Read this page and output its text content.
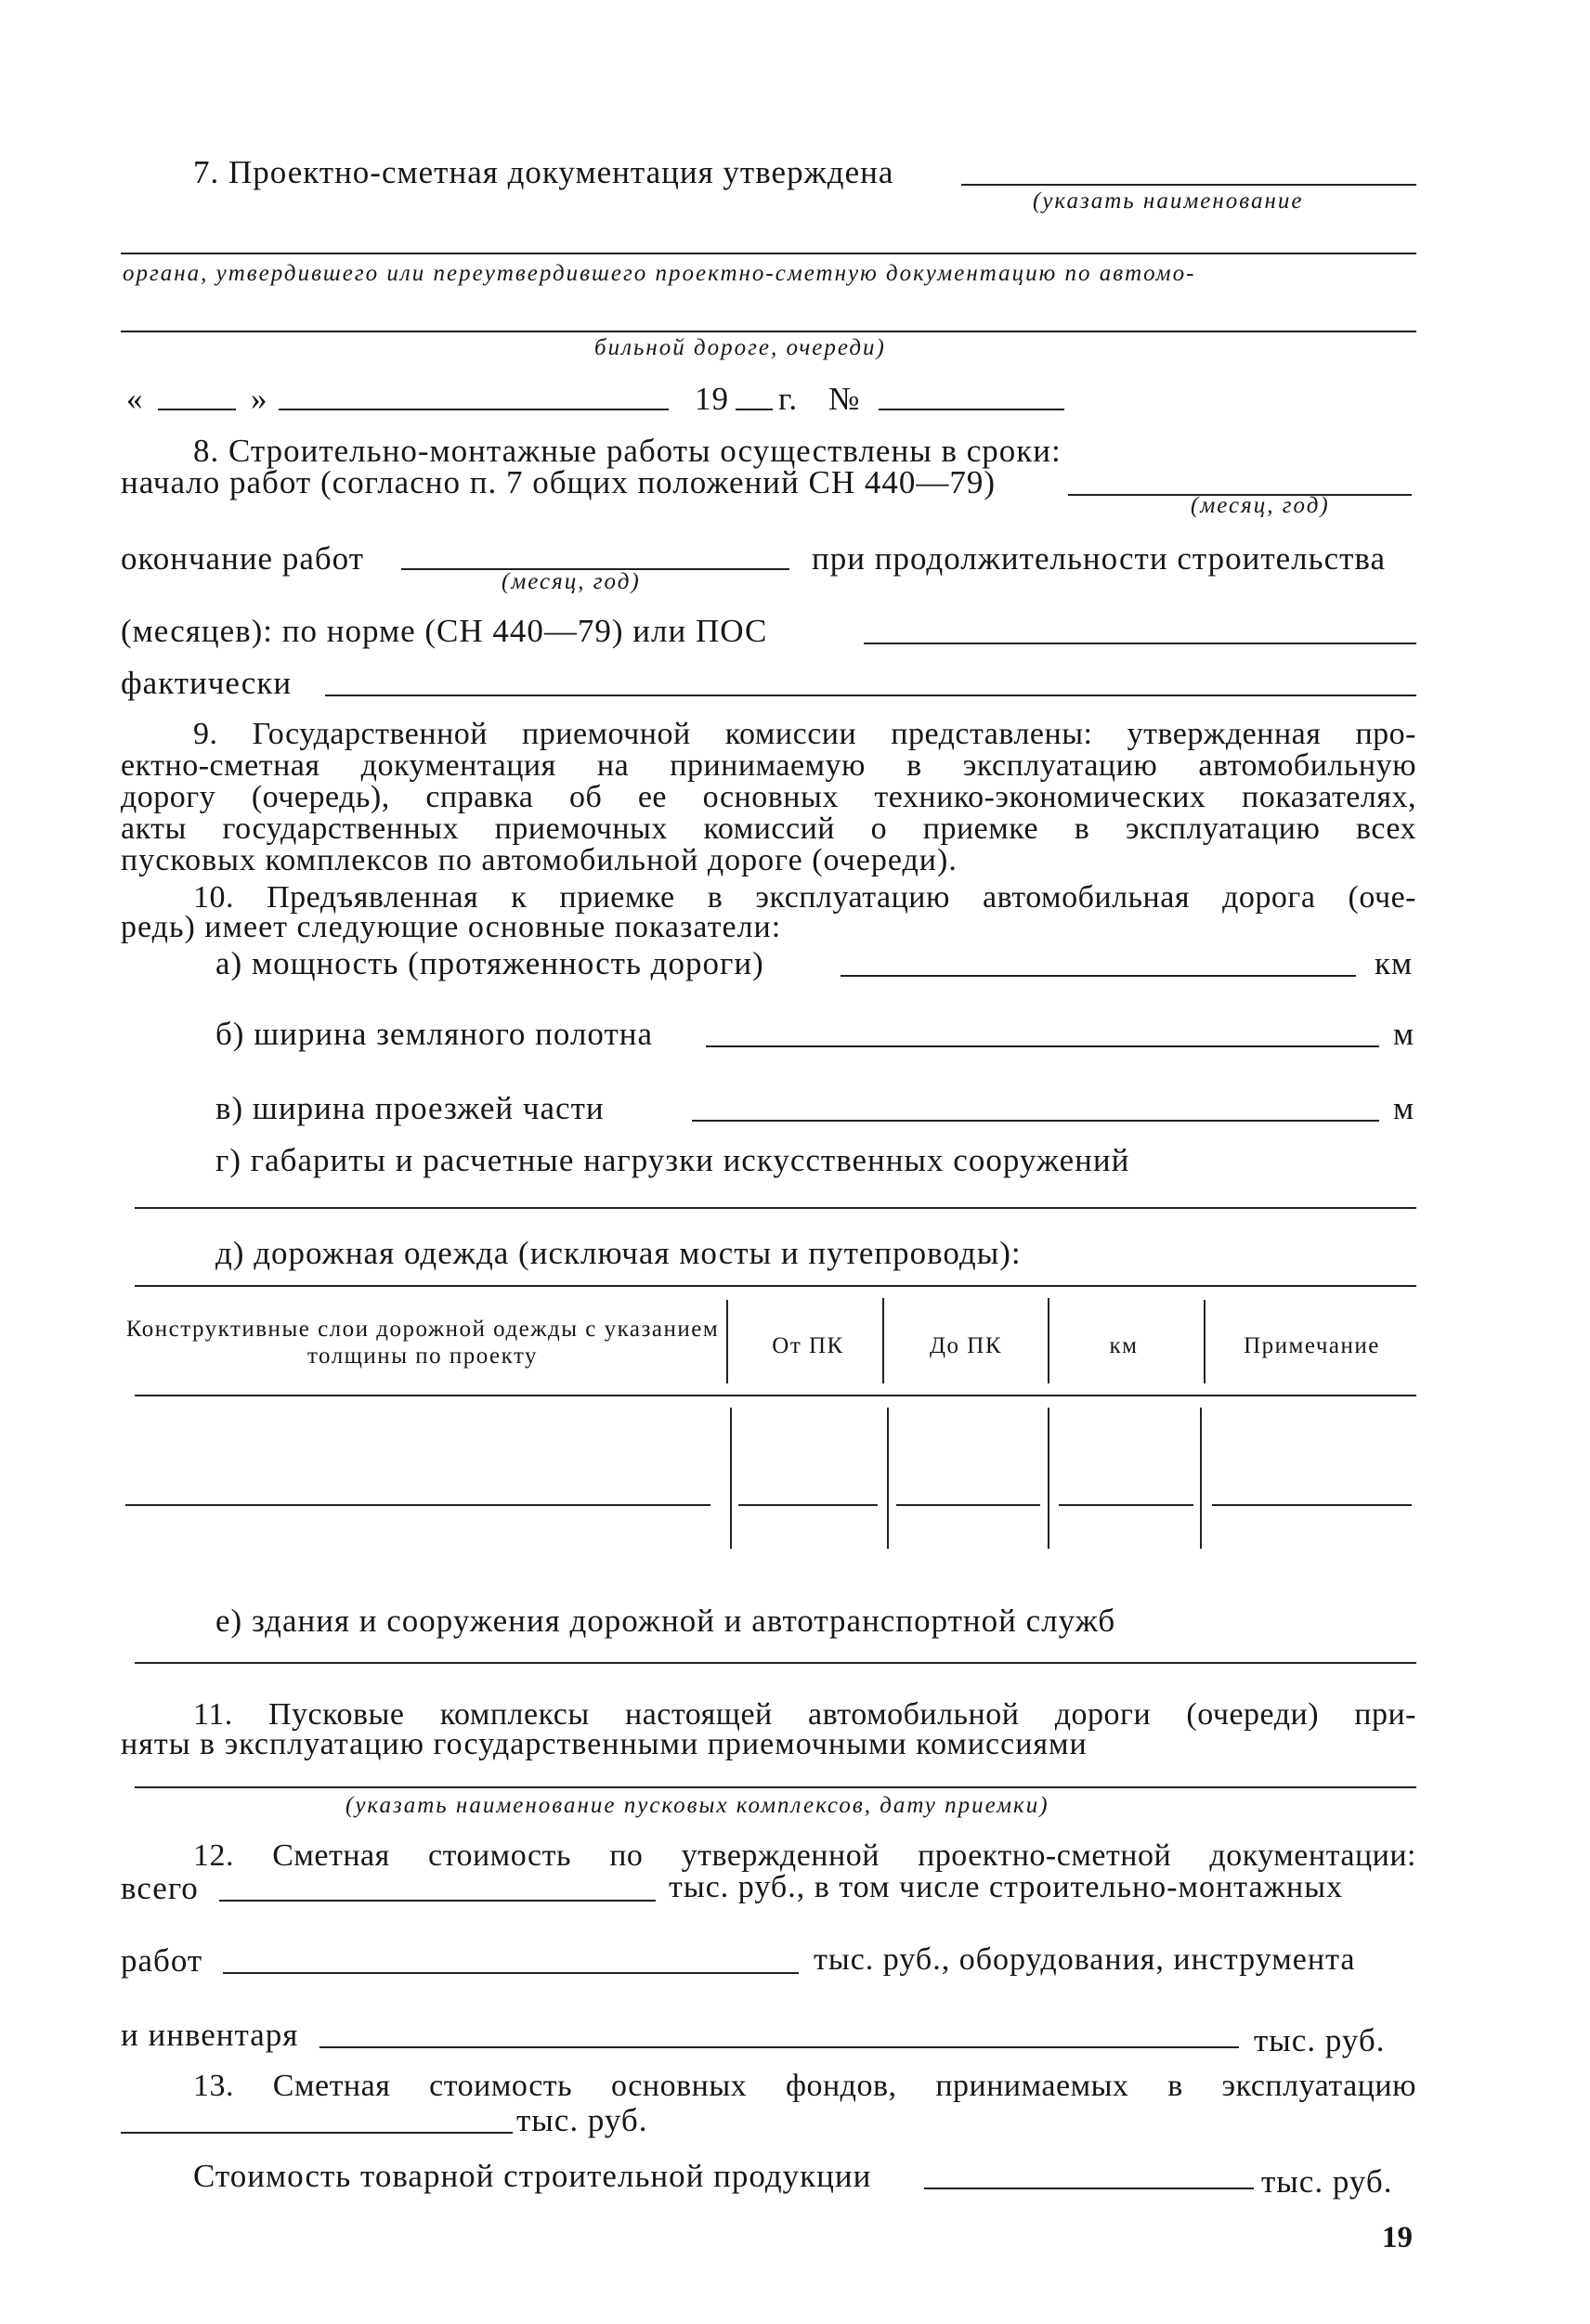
7. Проектно-сметная документация утверждена
(указать наименование
органа, утвердившего или переутвердившего проектно-сметную документацию по автомо-
бильной дороге, очереди)
«	»	19 г. №
8. Строительно-монтажные работы осуществлены в сроки:
начало работ (согласно п. 7 общих положений СН 440—79)
(месяц, год)
окончание работ	при продолжительности строительства
(месяц, год)
(месяцев): по норме (СН 440—79) или ПОС
фактически
9. Государственной приемочной комиссии представлены: утвержденная про-
ектно-сметная документация на принимаемую в эксплуатацию автомобильную
дорогу (очередь), справка об ее основных технико-экономических показателях,
акты государственных приемочных комиссий о приемке в эксплуатацию всех
пусковых комплексов по автомобильной дороге (очереди).
10. Предъявленная к приемке в эксплуатацию автомобильная дорога (оче-
редь) имеет следующие основные показатели:
а) мощность (протяженность дороги)	км
б) ширина земляного полотна	м
в) ширина проезжей части	м
г) габариты и расчетные нагрузки искусственных сооружений
д) дорожная одежда (исключая мосты и путепроводы):
Конструктивные слои дорожной одежды с указанием толщины по проекту	От ПК	До ПК	км	Примечание
е) здания и сооружения дорожной и автотранспортной служб
11. Пусковые комплексы настоящей автомобильной дороги (очереди) при-
няты в эксплуатацию государственными приемочными комиссиями
(указать наименование пусковых комплексов, дату приемки)
12. Сметная стоимость по утвержденной проектно-сметной документации:
всего	тыс. руб., в том числе строительно-монтажных
работ	тыс. руб., оборудования, инструмента
и инвентаря	тыс. руб.
13. Сметная стоимость основных фондов, принимаемых в эксплуатацию
тыс. руб.
Стоимость товарной строительной продукции	тыс. руб.
19
